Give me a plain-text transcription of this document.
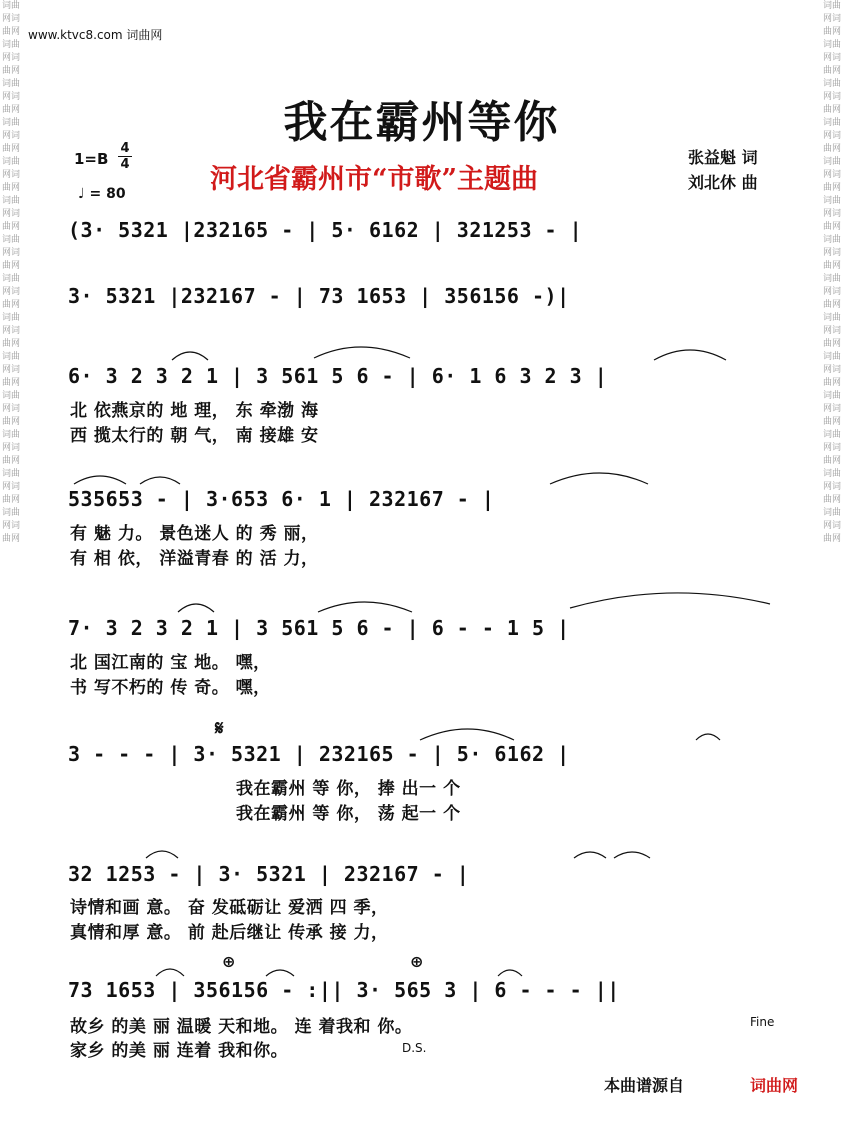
词曲网词曲网词曲网词曲网词曲网词曲网词曲网词曲网词曲网词曲网词曲网词曲网词曲网词曲网词曲网词曲网词曲网词曲网词曲网词曲网词曲网词曲网词曲网词曲网词曲网词曲网词曲网词曲网
词曲网词曲网词曲网词曲网词曲网词曲网词曲网词曲网词曲网词曲网词曲网词曲网词曲网词曲网词曲网词曲网词曲网词曲网词曲网词曲网词曲网词曲网词曲网词曲网词曲网词曲网词曲网词曲网
www.ktvc8.com 词曲网
我在霸州等你
河北省霸州市“市歌”主题曲
张益魁 词
刘北休 曲
1=B
4
4
♩ = 80
(3· 5321 |232165 - | 5· 6162 | 321253 - |
3· 5321 |232167 - | 73 1653 | 356156 -)|
6· 3 2 3 2 1 | 3 561 5 6 - | 6· 1 6 3 2 3 |
北 依燕京的 地 理， 东 牵渤 海
西 揽太行的 朝 气， 南 接雄 安
535653 - | 3·653 6· 1 | 232167 - |
有 魅 力。 景色迷人 的 秀 丽，
有 相 依， 洋溢青春 的 活 力，
7· 3 2 3 2 1 | 3 561 5 6 - | 6 - - 1 5 |
北 国江南的 宝 地。 嘿，
书 写不朽的 传 奇。 嘿，
3 - - - | 3· 5321 | 232165 - | 5· 6162 |
我在霸州 等 你， 捧 出一 个
我在霸州 等 你， 荡 起一 个
32 1253 - | 3· 5321 | 232167 - |
诗情和画 意。 奋 发砥砺让 爱洒 四 季，
真情和厚 意。 前 赴后继让 传承 接 力，
73 1653 | 356156 - :|| 3· 565 3 | 6 - - - ||
故乡 的美 丽 温暖 天和地。 连 着我和 你。
家乡 的美 丽 连着 我和你。
𝄋
⊕	⊕
Fine
D.S.
本曲谱源自	词曲网
